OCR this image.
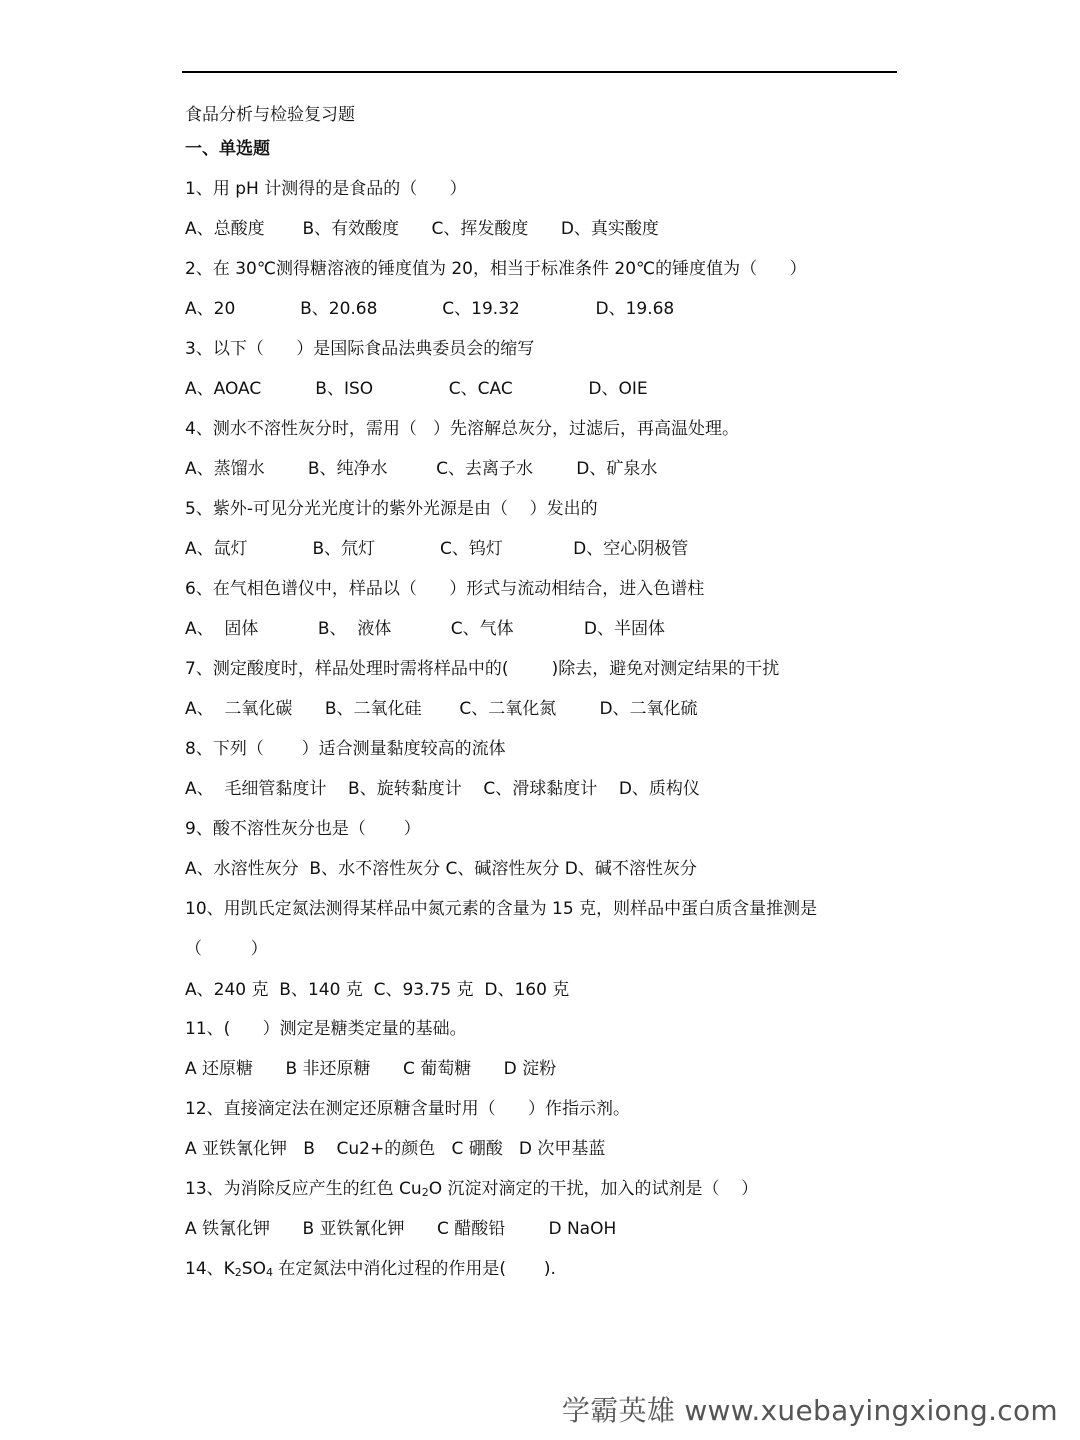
食品分析与检验复习题
一、单选题
1、用 pH 计测得的是食品的（      ）
A、总酸度       B、有效酸度      C、挥发酸度      D、真实酸度
2、在 30℃测得糖溶液的锤度值为 20，相当于标准条件 20℃的锤度值为（      ）
A、20            B、20.68            C、19.32              D、19.68
3、以下（      ）是国际食品法典委员会的缩写
A、AOAC          B、ISO              C、CAC              D、OIE
4、测水不溶性灰分时，需用（   ）先溶解总灰分，过滤后，再高温处理。
A、蒸馏水        B、纯净水         C、去离子水        D、矿泉水
5、紫外-可见分光光度计的紫外光源是由（    ）发出的
A、氙灯            B、氘灯            C、钨灯             D、空心阴极管
6、在气相色谱仪中，样品以（      ）形式与流动相结合，进入色谱柱
A、  固体           B、  液体           C、气体             D、半固体
7、测定酸度时，样品处理时需将样品中的(        )除去，避免对测定结果的干扰
A、  二氧化碳      B、二氧化硅       C、二氧化氮        D、二氧化硫
8、下列（       ）适合测量黏度较高的流体
A、  毛细管黏度计    B、旋转黏度计    C、滑球黏度计    D、质构仪
9、酸不溶性灰分也是（       ）
A、水溶性灰分  B、水不溶性灰分 C、碱溶性灰分 D、碱不溶性灰分
10、用凯氏定氮法测得某样品中氮元素的含量为 15 克，则样品中蛋白质含量推测是
（         ）
A、240 克  B、140 克  C、93.75 克  D、160 克
11、(      ）测定是糖类定量的基础。
A 还原糖      B 非还原糖      C 葡萄糖      D 淀粉
12、直接滴定法在测定还原糖含量时用（      ）作指示剂。
A 亚铁氰化钾   B    Cu2+的颜色   C 硼酸   D 次甲基蓝
13、为消除反应产生的红色 Cu2O 沉淀对滴定的干扰，加入的试剂是（    ）
A 铁氰化钾      B 亚铁氰化钾      C 醋酸铅        D NaOH
14、K2SO4 在定氮法中消化过程的作用是(       ).
学霸英雄 www.xuebayingxiong.com
